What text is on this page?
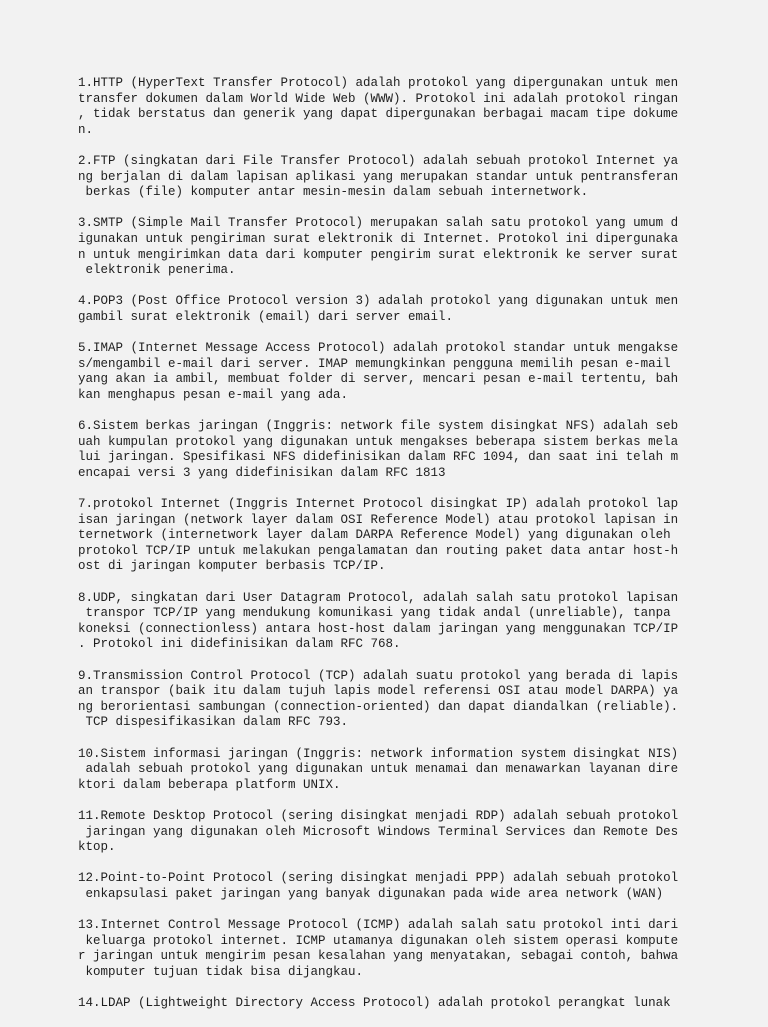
1.HTTP (HyperText Transfer Protocol) adalah protokol yang dipergunakan untuk men
transfer dokumen dalam World Wide Web (WWW). Protokol ini adalah protokol ringan
, tidak berstatus dan generik yang dapat dipergunakan berbagai macam tipe dokume
n.

2.FTP (singkatan dari File Transfer Protocol) adalah sebuah protokol Internet ya
ng berjalan di dalam lapisan aplikasi yang merupakan standar untuk pentransferan
berkas (file) komputer antar mesin-mesin dalam sebuah internetwork.

3.SMTP (Simple Mail Transfer Protocol) merupakan salah satu protokol yang umum d
igunakan untuk pengiriman surat elektronik di Internet. Protokol ini dipergunaka
n untuk mengirimkan data dari komputer pengirim surat elektronik ke server surat
elektronik penerima.

4.POP3 (Post Office Protocol version 3) adalah protokol yang digunakan untuk men
gambil surat elektronik (email) dari server email.

5.IMAP (Internet Message Access Protocol) adalah protokol standar untuk mengakse
s/mengambil e-mail dari server. IMAP memungkinkan pengguna memilih pesan e-mail
yang akan ia ambil, membuat folder di server, mencari pesan e-mail tertentu, bah
kan menghapus pesan e-mail yang ada.

6.Sistem berkas jaringan (Inggris: network file system disingkat NFS) adalah seb
uah kumpulan protokol yang digunakan untuk mengakses beberapa sistem berkas mela
lui jaringan. Spesifikasi NFS didefinisikan dalam RFC 1094, dan saat ini telah m
encapai versi 3 yang didefinisikan dalam RFC 1813

7.protokol Internet (Inggris Internet Protocol disingkat IP) adalah protokol lap
isan jaringan (network layer dalam OSI Reference Model) atau protokol lapisan in
ternetwork (internetwork layer dalam DARPA Reference Model) yang digunakan oleh
protokol TCP/IP untuk melakukan pengalamatan dan routing paket data antar host-h
ost di jaringan komputer berbasis TCP/IP.

8.UDP, singkatan dari User Datagram Protocol, adalah salah satu protokol lapisan
transpor TCP/IP yang mendukung komunikasi yang tidak andal (unreliable), tanpa
koneksi (connectionless) antara host-host dalam jaringan yang menggunakan TCP/IP
. Protokol ini didefinisikan dalam RFC 768.

9.Transmission Control Protocol (TCP) adalah suatu protokol yang berada di lapis
an transpor (baik itu dalam tujuh lapis model referensi OSI atau model DARPA) ya
ng berorientasi sambungan (connection-oriented) dan dapat diandalkan (reliable).
TCP dispesifikasikan dalam RFC 793.

10.Sistem informasi jaringan (Inggris: network information system disingkat NIS)
adalah sebuah protokol yang digunakan untuk menamai dan menawarkan layanan dire
ktori dalam beberapa platform UNIX.

11.Remote Desktop Protocol (sering disingkat menjadi RDP) adalah sebuah protokol
jaringan yang digunakan oleh Microsoft Windows Terminal Services dan Remote Des
ktop.

12.Point-to-Point Protocol (sering disingkat menjadi PPP) adalah sebuah protokol
enkapsulasi paket jaringan yang banyak digunakan pada wide area network (WAN)

13.Internet Control Message Protocol (ICMP) adalah salah satu protokol inti dari
keluarga protokol internet. ICMP utamanya digunakan oleh sistem operasi kompute
r jaringan untuk mengirim pesan kesalahan yang menyatakan, sebagai contoh, bahwa
komputer tujuan tidak bisa dijangkau.

14.LDAP (Lightweight Directory Access Protocol) adalah protokol perangkat lunak
